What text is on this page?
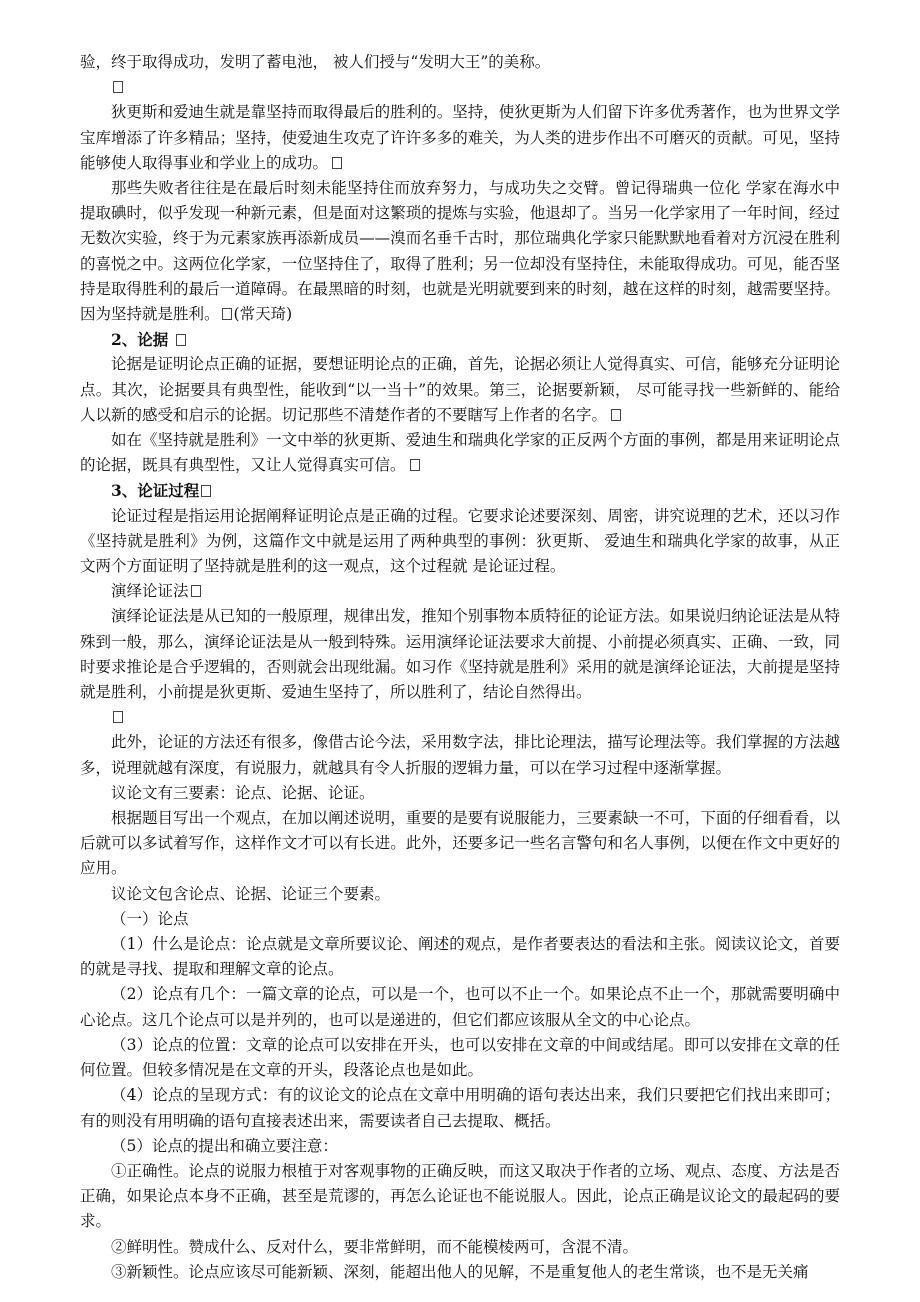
验，终于取得成功，发明了蓄电池， 被人们授与“发明大王”的美称。

狄更斯和爱迪生就是靠坚持而取得最后的胜利的。坚持，使狄更斯为人们留下许多优秀著作，也为世界文学宝库增添了许多精品；坚持，使爱迪生攻克了许许多多的难关，为人类的进步作出不可磨灭的贡献。可见，坚持能够使人取得事业和学业上的成功。

那些失败者往往是在最后时刻未能坚持住而放弃努力，与成功失之交臂。曾记得瑞典一位化 学家在海水中提取碘时，似乎发现一种新元素，但是面对这繁琐的提炼与实验，他退却了。当另一化学家用了一年时间，经过无数次实验，终于为元素家族再添新成员——溴而名垂千古时，那位瑞典化学家只能默默地看着对方沉浸在胜利的喜悦之中。这两位化学家，一位坚持住了，取得了胜利；另一位却没有坚持住，未能取得成功。可见，能否坚持是取得胜利的最后一道障碍。在最黑暗的时刻，也就是光明就要到来的时刻，越在这样的时刻，越需要坚持。因为坚持就是胜利。 (常天琦)

2、论据

论据是证明论点正确的证据，要想证明论点的正确，首先，论据必须让人觉得真实、可信，能够充分证明论点。其次，论据要具有典型性，能收到“以一当十”的效果。第三，论据要新颖， 尽可能寻找一些新鲜的、能给人以新的感受和启示的论据。切记那些不清楚作者的不要瞎写上作者的名字。

如在《坚持就是胜利》一文中举的狄更斯、爱迪生和瑞典化学家的正反两个方面的事例，都是用来证明论点的论据，既具有典型性，又让人觉得真实可信。

3、论证过程

论证过程是指运用论据阐释证明论点是正确的过程。它要求论述要深刻、周密，讲究说理的艺术，还以习作《坚持就是胜利》为例，这篇作文中就是运用了两种典型的事例：狄更斯、 爱迪生和瑞典化学家的故事，从正文两个方面证明了坚持就是胜利的这一观点，这个过程就 是论证过程。

演绎论证法

演绎论证法是从已知的一般原理，规律出发，推知个别事物本质特征的论证方法。如果说归纳论证法是从特殊到一般，那么，演绎论证法是从一般到特殊。运用演绎论证法要求大前提、小前提必须真实、正确、一致，同时要求推论是合乎逻辑的，否则就会出现纰漏。如习作《坚持就是胜利》采用的就是演绎论证法，大前提是坚持就是胜利，小前提是狄更斯、爱迪生坚持了，所以胜利了，结论自然得出。

此外，论证的方法还有很多，像借古论今法，采用数字法，排比论理法，描写论理法等。我们掌握的方法越多，说理就越有深度，有说服力，就越具有令人折服的逻辑力量，可以在学习过程中逐渐掌握。

议论文有三要素：论点、论据、论证。

根据题目写出一个观点，在加以阐述说明，重要的是要有说服能力，三要素缺一不可，下面的仔细看看，以后就可以多试着写作，这样作文才可以有长进。此外，还要多记一些名言警句和名人事例，以便在作文中更好的应用。

议论文包含论点、论据、论证三个要素。

（一）论点

（1）什么是论点：论点就是文章所要议论、阐述的观点，是作者要表达的看法和主张。阅读议论文，首要的就是寻找、提取和理解文章的论点。

（2）论点有几个：一篇文章的论点，可以是一个，也可以不止一个。如果论点不止一个，那就需要明确中心论点。这几个论点可以是并列的，也可以是递进的，但它们都应该服从全文的中心论点。

（3）论点的位置：文章的论点可以安排在开头，也可以安排在文章的中间或结尾。即可以安排在文章的任何位置。但较多情况是在文章的开头，段落论点也是如此。

（4）论点的呈现方式：有的议论文的论点在文章中用明确的语句表达出来，我们只要把它们找出来即可；有的则没有用明确的语句直接表述出来，需要读者自己去提取、概括。

（5）论点的提出和确立要注意：

①正确性。论点的说服力根植于对客观事物的正确反映，而这又取决于作者的立场、观点、态度、方法是否正确，如果论点本身不正确，甚至是荒谬的，再怎么论证也不能说服人。因此，论点正确是议论文的最起码的要求。

②鲜明性。赞成什么、反对什么，要非常鲜明，而不能模棱两可，含混不清。

③新颖性。论点应该尽可能新颖、深刻，能超出他人的见解，不是重复他人的老生常谈，也不是无关痛
